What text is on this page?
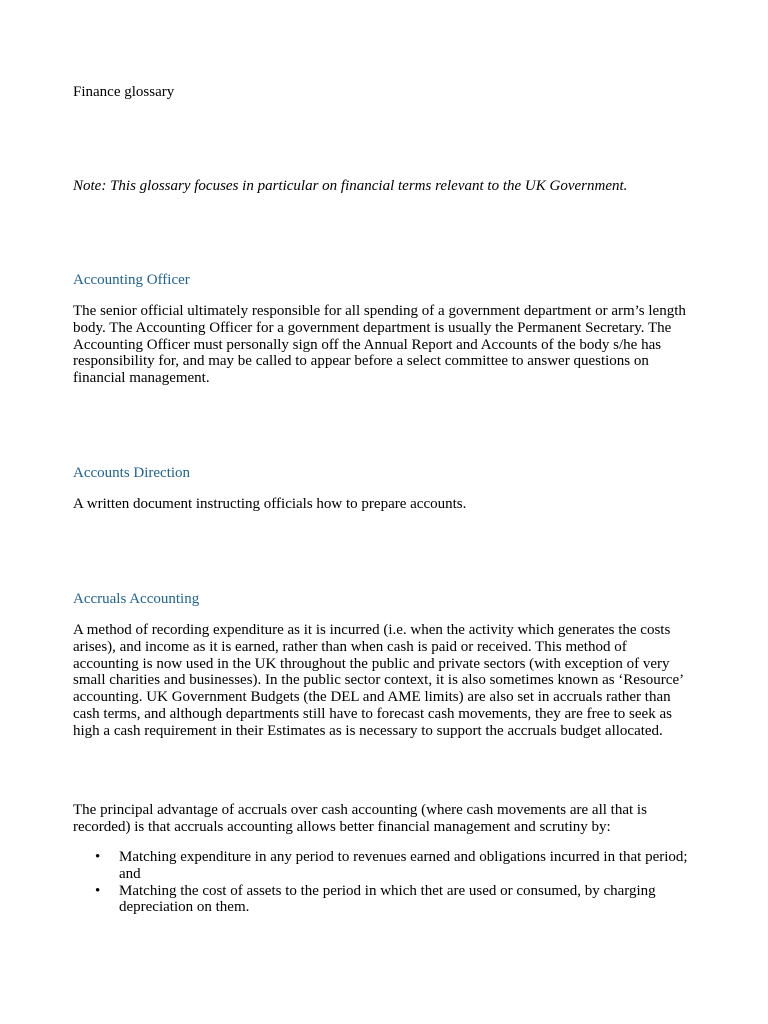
Finance glossary

Note: This glossary focuses in particular on financial terms relevant to the UK Government.

Accounting Officer

The senior official ultimately responsible for all spending of a government department or arm’s length body. The Accounting Officer for a government department is usually the Permanent Secretary. The Accounting Officer must personally sign off the Annual Report and Accounts of the body s/he has responsibility for, and may be called to appear before a select committee to answer questions on financial management.

Accounts Direction

A written document instructing officials how to prepare accounts.

Accruals Accounting

A method of recording expenditure as it is incurred (i.e. when the activity which generates the costs arises), and income as it is earned, rather than when cash is paid or received. This method of accounting is now used in the UK throughout the public and private sectors (with exception of very small charities and businesses). In the public sector context, it is also sometimes known as ‘Resource’ accounting. UK Government Budgets (the DEL and AME limits) are also set in accruals rather than cash terms, and although departments still have to forecast cash movements, they are free to seek as high a cash requirement in their Estimates as is necessary to support the accruals budget allocated.

The principal advantage of accruals over cash accounting (where cash movements are all that is recorded) is that accruals accounting allows better financial management and scrutiny by:

• Matching expenditure in any period to revenues earned and obligations incurred in that period; and
• Matching the cost of assets to the period in which thet are used or consumed, by charging depreciation on them.
